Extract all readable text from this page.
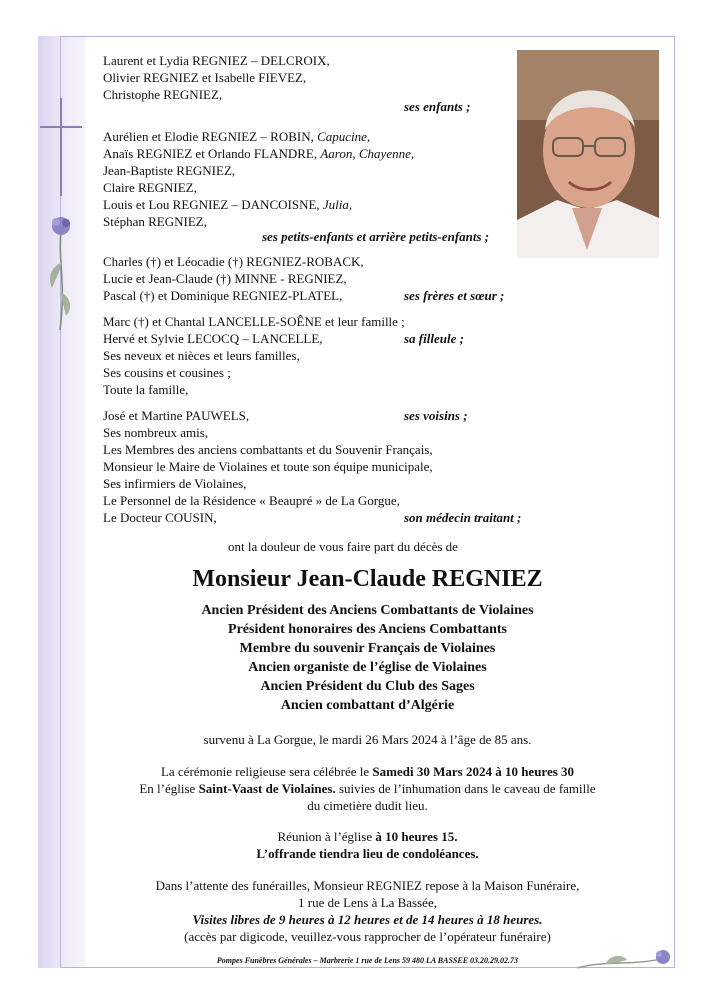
Laurent et Lydia REGNIEZ – DELCROIX,
Olivier REGNIEZ et Isabelle FIEVEZ,
Christophe REGNIEZ,
ses enfants ;
Aurélien et Elodie REGNIEZ – ROBIN, Capucine,
Anaïs REGNIEZ et Orlando FLANDRE, Aaron, Chayenne,
Jean-Baptiste REGNIEZ,
Claire REGNIEZ,
Louis et Lou REGNIEZ – DANCOISNE, Julia,
Stéphan REGNIEZ,
ses petits-enfants et arrière petits-enfants ;
Charles (†) et Léocadie (†) REGNIEZ-ROBACK,
Lucie et Jean-Claude (†) MINNE - REGNIEZ,
Pascal (†) et Dominique REGNIEZ-PLATEL,	ses frères et sœur ;
Marc (†) et Chantal LANCELLE-SOÊNE et leur famille ;
Hervé et Sylvie LECOCQ – LANCELLE,	sa filleule ;
Ses neveux et nièces et leurs familles,
Ses cousins et cousines ;
Toute la famille,
José et Martine PAUWELS,	ses voisins ;
Ses nombreux amis,
Les Membres des anciens combattants et du Souvenir Français,
Monsieur le Maire de Violaines et toute son équipe municipale,
Ses infirmiers de Violaines,
Le Personnel de la Résidence « Beaupré » de La Gorgue,
Le Docteur COUSIN,	son médecin traitant ;
ont la douleur de vous faire part du décès de
Monsieur Jean-Claude REGNIEZ
Ancien Président des Anciens Combattants de Violaines
Président honoraires des Anciens Combattants
Membre du souvenir Français de Violaines
Ancien organiste de l’église de Violaines
Ancien Président du Club des Sages
Ancien combattant d’Algérie
survenu à La Gorgue, le mardi 26 Mars 2024 à l’âge de 85 ans.
La cérémonie religieuse sera célébrée le Samedi 30 Mars 2024 à 10 heures 30
En l’église Saint-Vaast de Violaines. suivies de l’inhumation dans le caveau de famille
du cimetière dudit lieu.
Réunion à l’église à 10 heures 15.
L’offrande tiendra lieu de condoléances.
Dans l’attente des funérailles, Monsieur REGNIEZ repose à la Maison Funéraire,
1 rue de Lens à La Bassée,
Visites libres de 9 heures à 12 heures et de 14 heures à 18 heures.
(accès par digicode, veuillez-vous rapprocher de l’opérateur funéraire)
Pompes Funèbres Générales – Marbrerie 1 rue de Lens 59 480 LA BASSEE 03.20.29.02.73
